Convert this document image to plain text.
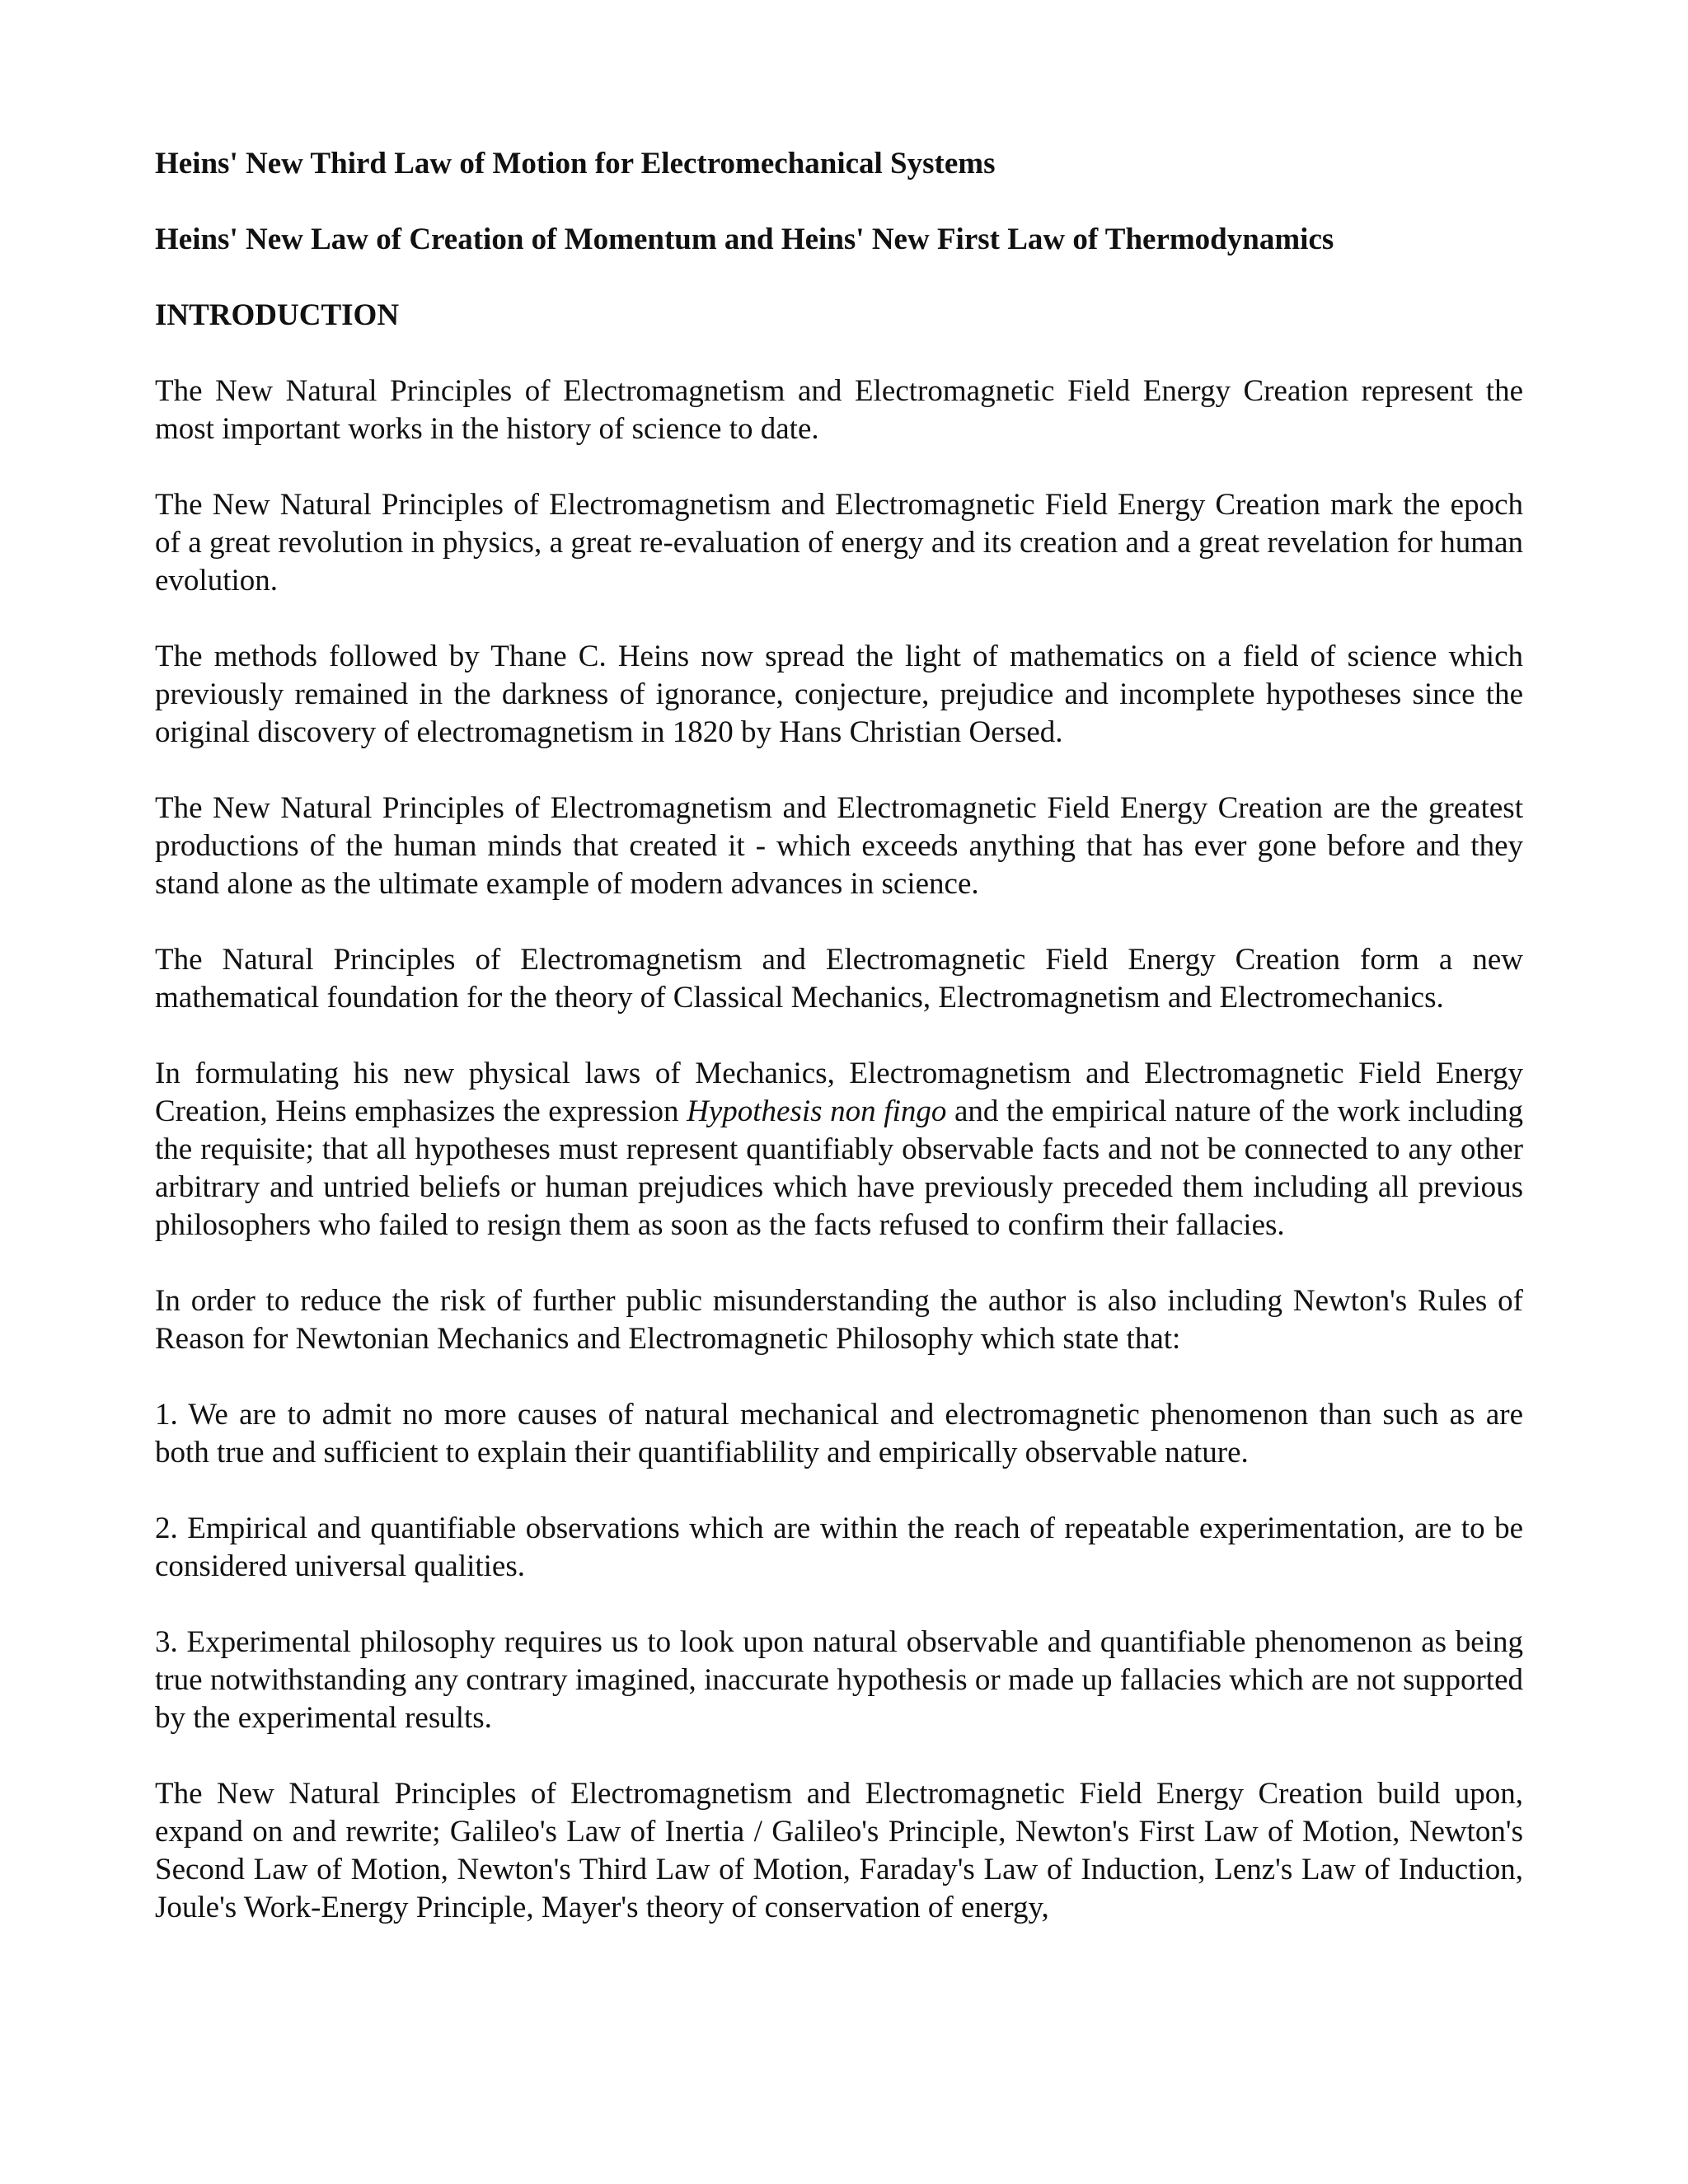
Heins' New Third Law of Motion for Electromechanical Systems

Heins' New Law of Creation of Momentum and Heins' New First Law of Thermodynamics

INTRODUCTION

The New Natural Principles of Electromagnetism and Electromagnetic Field Energy Creation represent the most important works in the history of science to date.

The New Natural Principles of Electromagnetism and Electromagnetic Field Energy Creation mark the epoch of a great revolution in physics, a great re-evaluation of energy and its creation and a great revelation for human evolution.

The methods followed by Thane C. Heins now spread the light of mathematics on a field of science which previously remained in the darkness of ignorance, conjecture, prejudice and incomplete hypotheses since the original discovery of electromagnetism in 1820 by Hans Christian Oersed.

The New Natural Principles of Electromagnetism and Electromagnetic Field Energy Creation are the greatest productions of the human minds that created it - which exceeds anything that has ever gone before and they stand alone as the ultimate example of modern advances in science.

The Natural Principles of Electromagnetism and Electromagnetic Field Energy Creation form a new mathematical foundation for the theory of Classical Mechanics, Electromagnetism and Electromechanics.

In formulating his new physical laws of Mechanics, Electromagnetism and Electromagnetic Field Energy Creation, Heins emphasizes the expression Hypothesis non fingo and the empirical nature of the work including the requisite; that all hypotheses must represent quantifiably observable facts and not be connected to any other arbitrary and untried beliefs or human prejudices which have previously preceded them including all previous philosophers who failed to resign them as soon as the facts refused to confirm their fallacies.

In order to reduce the risk of further public misunderstanding the author is also including Newton's Rules of Reason for Newtonian Mechanics and Electromagnetic Philosophy which state that:

1. We are to admit no more causes of natural mechanical and electromagnetic phenomenon than such as are both true and sufficient to explain their quantifiablility and empirically observable nature.

2. Empirical and quantifiable observations which are within the reach of repeatable experimentation, are to be considered universal qualities.

3. Experimental philosophy requires us to look upon natural observable and quantifiable phenomenon as being true notwithstanding any contrary imagined, inaccurate hypothesis or made up fallacies which are not supported by the experimental results.

The New Natural Principles of Electromagnetism and Electromagnetic Field Energy Creation build upon, expand on and rewrite; Galileo's Law of Inertia / Galileo's Principle, Newton's First Law of Motion, Newton's Second Law of Motion, Newton's Third Law of Motion, Faraday's Law of Induction, Lenz's Law of Induction, Joule's Work-Energy Principle, Mayer's theory of conservation of energy,
